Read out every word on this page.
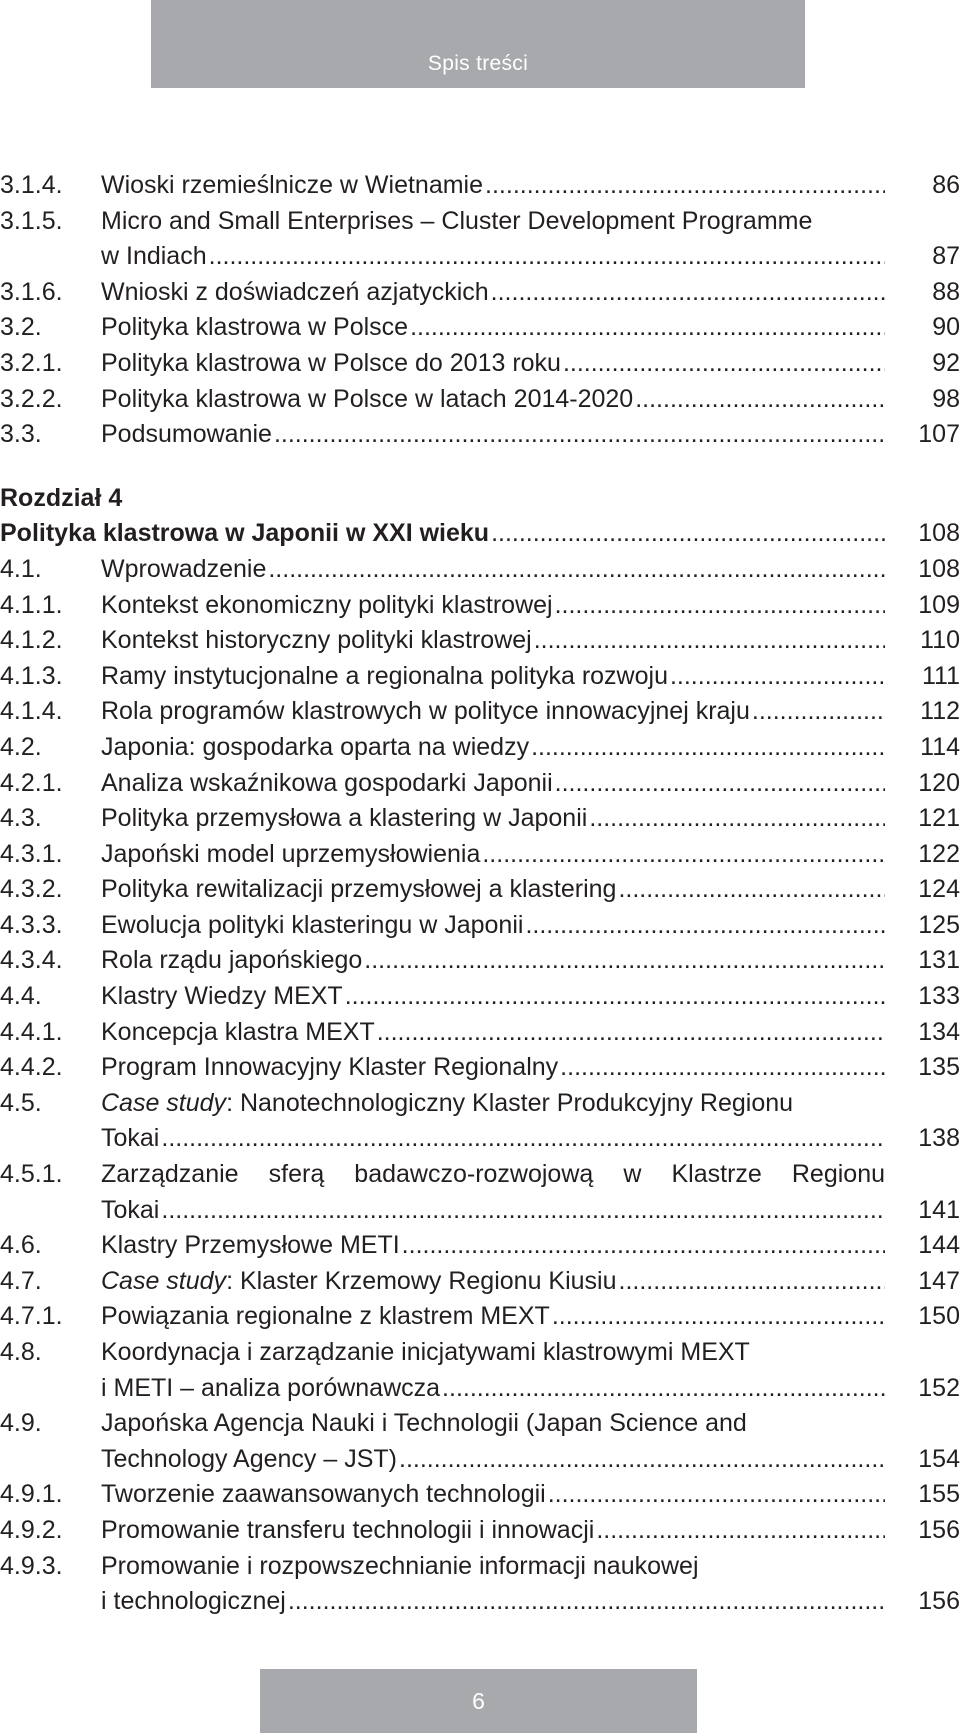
Spis treści
3.1.4.	Wioski rzemieślnicze w Wietnamie .....	86
3.1.5.	Micro and Small Enterprises – Cluster Development Programme
w Indiach .....	87
3.1.6.	Wnioski z doświadczeń azjatyckich .....	88
3.2.	Polityka klastrowa w Polsce .....	90
3.2.1.	Polityka klastrowa w Polsce do 2013 roku .....	92
3.2.2.	Polityka klastrowa w Polsce w latach 2014-2020 .....	98
3.3.	Podsumowanie .....	107
Rozdział 4
Polityka klastrowa w Japonii w XXI wieku .....	108
4.1.	Wprowadzenie .....	108
4.1.1.	Kontekst ekonomiczny polityki klastrowej .....	109
4.1.2.	Kontekst historyczny polityki klastrowej .....	110
4.1.3.	Ramy instytucjonalne a regionalna polityka rozwoju .....	111
4.1.4.	Rola programów klastrowych w polityce innowacyjnej kraju .....	112
4.2.	Japonia: gospodarka oparta na wiedzy .....	114
4.2.1.	Analiza wskaźnikowa gospodarki Japonii .....	120
4.3.	Polityka przemysłowa a klastering w Japonii .....	121
4.3.1.	Japoński model uprzemysłowienia .....	122
4.3.2.	Polityka rewitalizacji przemysłowej a klastering .....	124
4.3.3.	Ewolucja polityki klasteringu w Japonii .....	125
4.3.4.	Rola rządu japońskiego .....	131
4.4.	Klastry Wiedzy MEXT .....	133
4.4.1.	Koncepcja klastra MEXT .....	134
4.4.2.	Program Innowacyjny Klaster Regionalny .....	135
4.5.	Case study: Nanotechnologiczny Klaster Produkcyjny Regionu
Tokai .....	138
4.5.1.	Zarządzanie sferą badawczo-rozwojową w Klastrze Regionu
Tokai .....	141
4.6.	Klastry Przemysłowe METI .....	144
4.7.	Case study: Klaster Krzemowy Regionu Kiusiu .....	147
4.7.1.	Powiązania regionalne z klastrem MEXT .....	150
4.8.	Koordynacja i zarządzanie inicjatywami klastrowymi MEXT
i METI – analiza porównawcza .....	152
4.9.	Japońska Agencja Nauki i Technologii (Japan Science and
Technology Agency – JST) .....	154
4.9.1.	Tworzenie zaawansowanych technologii .....	155
4.9.2.	Promowanie transferu technologii i innowacji .....	156
4.9.3.	Promowanie i rozpowszechnianie informacji naukowej
i technologicznej .....	156
6
